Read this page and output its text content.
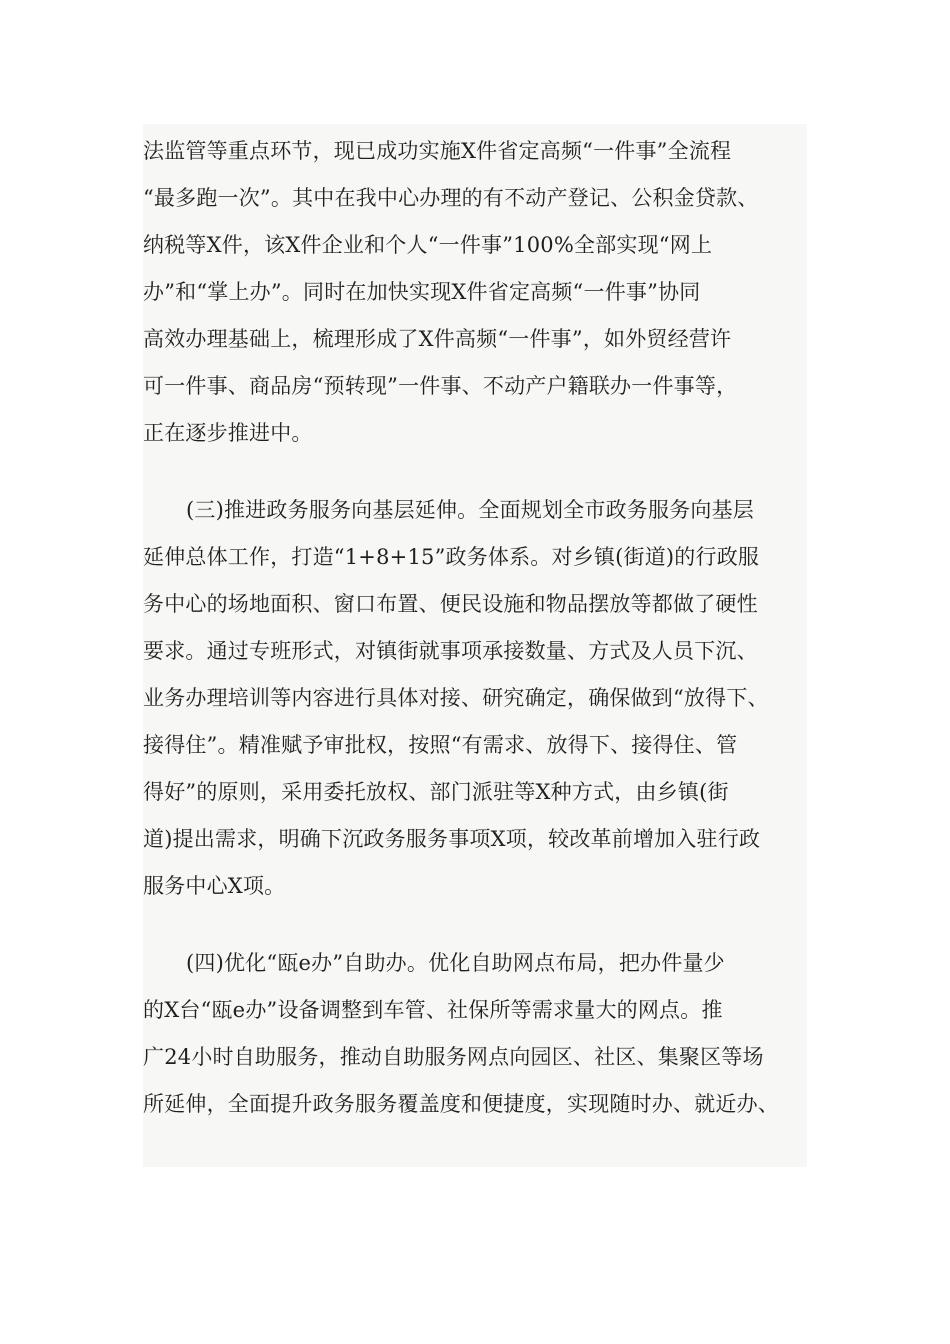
法监管等重点环节，现已成功实施X件省定高频“一件事”全流程
“最多跑一次”。其中在我中心办理的有不动产登记、公积金贷款、
纳税等X件，该X件企业和个人“一件事”100%全部实现“网上
办”和“掌上办”。同时在加快实现X件省定高频“一件事”协同
高效办理基础上，梳理形成了X件高频“一件事”，如外贸经营许
可一件事、商品房“预转现”一件事、不动产户籍联办一件事等，
正在逐步推进中。
(三)推进政务服务向基层延伸。全面规划全市政务服务向基层
延伸总体工作，打造“1+8+15”政务体系。对乡镇(街道)的行政服
务中心的场地面积、窗口布置、便民设施和物品摆放等都做了硬性
要求。通过专班形式，对镇街就事项承接数量、方式及人员下沉、
业务办理培训等内容进行具体对接、研究确定，确保做到“放得下、
接得住”。精准赋予审批权，按照“有需求、放得下、接得住、管
得好”的原则，采用委托放权、部门派驻等X种方式，由乡镇(街
道)提出需求，明确下沉政务服务事项X项，较改革前增加入驻行政
服务中心X项。
(四)优化“瓯e办”自助办。优化自助网点布局，把办件量少
的X台“瓯e办”设备调整到车管、社保所等需求量大的网点。推
广24小时自助服务，推动自助服务网点向园区、社区、集聚区等场
所延伸，全面提升政务服务覆盖度和便捷度，实现随时办、就近办、
